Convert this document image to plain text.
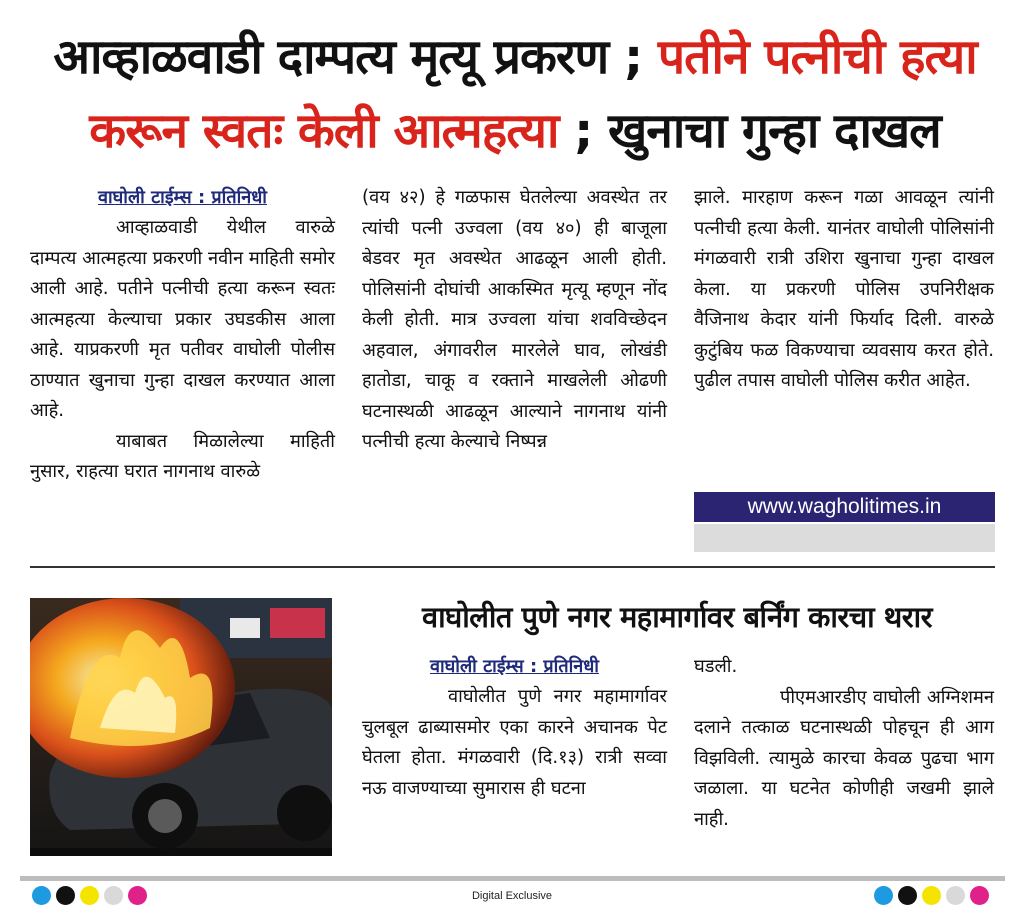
आव्हाळवाडी दाम्पत्य मृत्यू प्रकरण ; पतीने पत्नीची हत्या
करून स्वतः केली आत्महत्या ; खुनाचा गुन्हा दाखल
वाघोली टाईम्स : प्रतिनिधी

आव्हाळवाडी येथील वारुळे दाम्पत्य आत्महत्या प्रकरणी नवीन माहिती समोर आली आहे. पतीने पत्नीची हत्या करून स्वतः आत्महत्या केल्याचा प्रकार उघडकीस आला आहे. याप्रकरणी मृत पतीवर वाघोली पोलीस ठाण्यात खुनाचा गुन्हा दाखल करण्यात आला आहे.

याबाबत मिळालेल्या माहिती नुसार, राहत्या घरात नागनाथ वारुळे

(वय ४२) हे गळफास घेतलेल्या अवस्थेत तर त्यांची पत्नी उज्वला (वय ४०) ही बाजूला बेडवर मृत अवस्थेत आढळून आली होती. पोलिसांनी दोघांची आकस्मित मृत्यू म्हणून नोंद केली होती. मात्र उज्वला यांचा शवविच्छेदन अहवाल, अंगावरील मारलेले घाव, लोखंडी हातोडा, चाकू व रक्ताने माखलेली ओढणी घटनास्थळी आढळून आल्याने नागनाथ यांनी पत्नीची हत्या केल्याचे निष्पन्न

झाले. मारहाण करून गळा आवळून त्यांनी पत्नीची हत्या केली. यानंतर वाघोली पोलिसांनी मंगळवारी रात्री उशिरा खुनाचा गुन्हा दाखल केला. या प्रकरणी पोलिस उपनिरीक्षक वैजिनाथ केदार यांनी फिर्याद दिली. वारुळे कुटुंबिय फळ विकण्याचा व्यवसाय करत होते. पुढील तपास वाघोली पोलिस करीत आहेत.

www.wagholitimes.in
वाघोलीत पुणे नगर महामार्गावर बर्निंग कारचा थरार
वाघोली टाईम्स : प्रतिनिधी

वाघोलीत पुणे नगर महामार्गावर चुलबूल ढाब्यासमोर एका कारने अचानक पेट घेतला होता. मंगळवारी (दि.१३) रात्री सव्वा नऊ वाजण्याच्या सुमारास ही घटना

घडली.

पीएमआरडीए वाघोली अग्निशमन दलाने तत्काळ घटनास्थळी पोहचून ही आग विझविली. त्यामुळे कारचा केवळ पुढचा भाग जळाला. या घटनेत कोणीही जखमी झाले नाही.

Digital Exclusive
